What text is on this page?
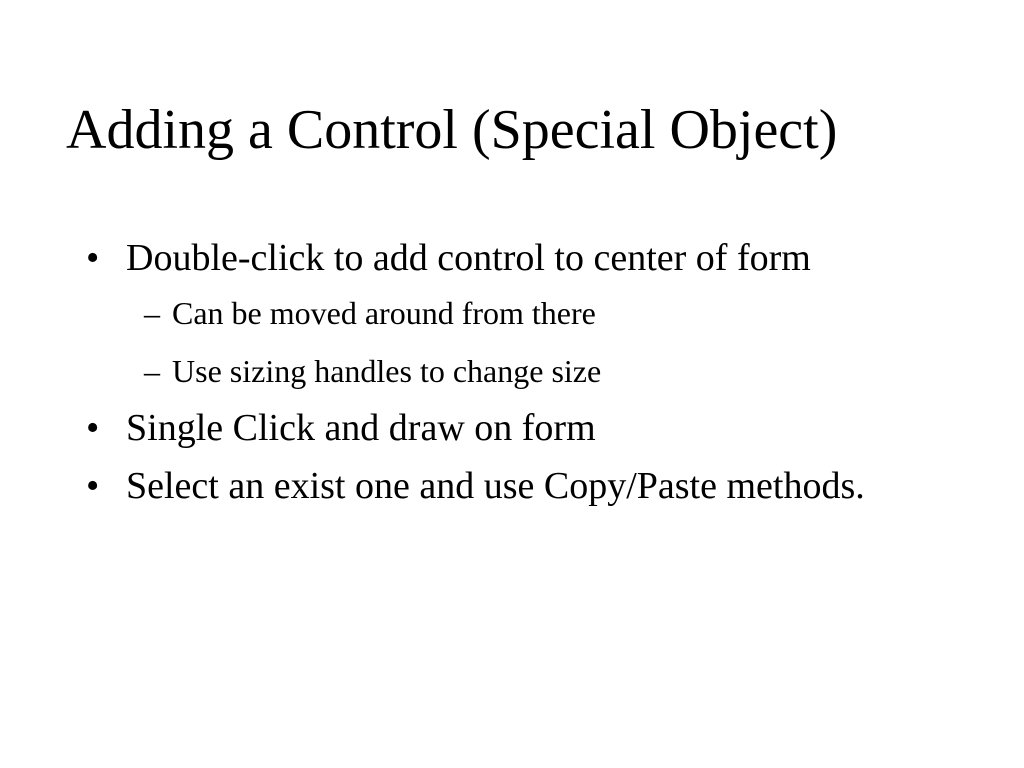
Adding a Control (Special Object)
• Double-click to add control to center of form
– Can be moved around from there
– Use sizing handles to change size
• Single Click and draw on form
• Select an exist one and use Copy/Paste methods.
